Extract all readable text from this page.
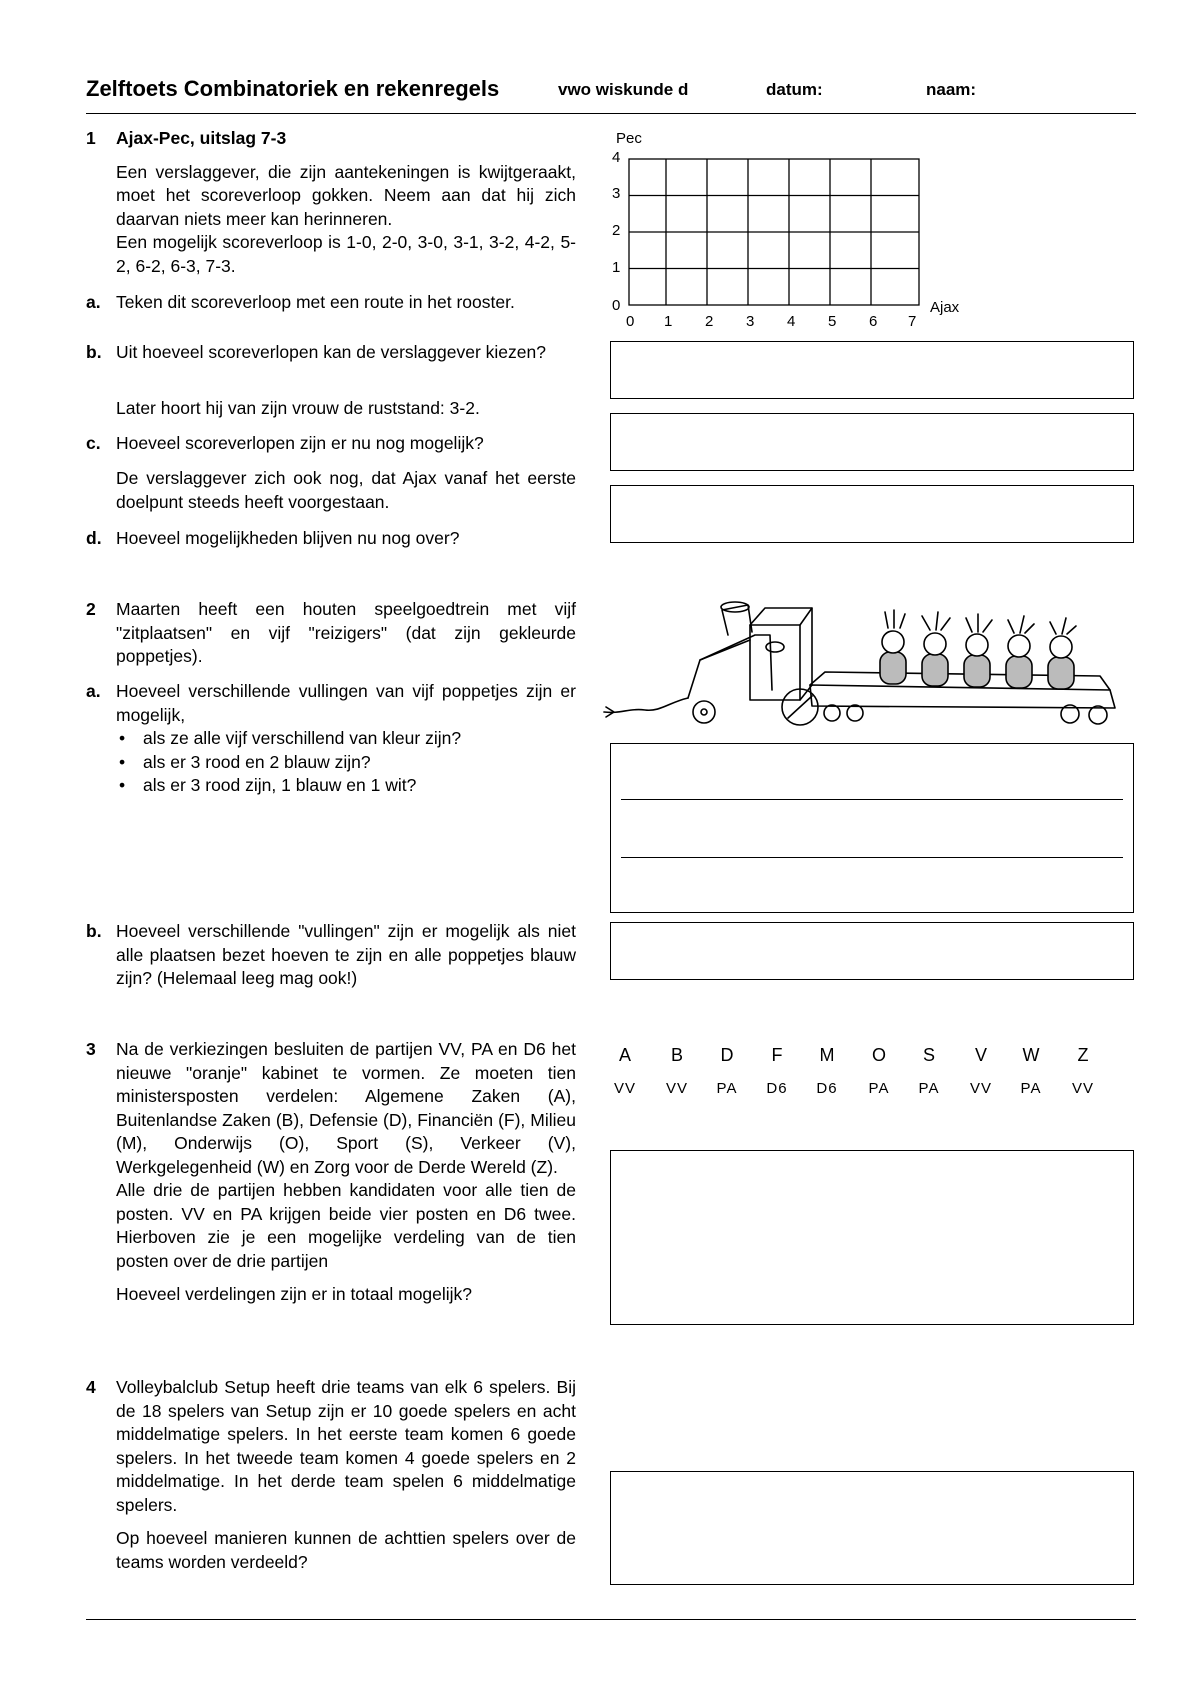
Zelftoets Combinatoriek en rekenregels	vwo wiskunde d	datum:	naam:
1 Ajax-Pec, uitslag 7-3

Een verslaggever, die zijn aantekeningen is kwijtgeraakt, moet het scoreverloop gokken. Neem aan dat hij zich daarvan niets meer kan herinneren.

Een mogelijk scoreverloop is 1-0, 2-0, 3-0, 3-1, 3-2, 4-2, 5-2, 6-2, 6-3, 7-3.

a. Teken dit scoreverloop met een route in het rooster.
b. Uit hoeveel scoreverlopen kan de verslaggever kiezen?
Later hoort hij van zijn vrouw de ruststand: 3-2.
c. Hoeveel scoreverlopen zijn er nu nog mogelijk?
De verslaggever zich ook nog, dat Ajax vanaf het eerste doelpunt steeds heeft voorgestaan.
d. Hoeveel mogelijkheden blijven nu nog over?
Pec
Ajax
4
3
2
1
0
0 1 2 3 4 5 6 7
2 Maarten heeft een houten speelgoedtrein met vijf "zitplaatsen" en vijf "reizigers" (dat zijn gekleurde poppetjes).
a. Hoeveel verschillende vullingen van vijf poppetjes zijn er mogelijk,
• als ze alle vijf verschillend van kleur zijn?
• als er 3 rood en 2 blauw zijn?
• als er 3 rood zijn, 1 blauw en 1 wit?
b. Hoeveel verschillende "vullingen" zijn er mogelijk als niet alle plaatsen bezet hoeven te zijn en alle poppetjes blauw zijn? (Helemaal leeg mag ook!)
3 Na de verkiezingen besluiten de partijen VV, PA en D6 het nieuwe "oranje" kabinet te vormen. Ze moeten tien ministersposten verdelen: Algemene Zaken (A), Buitenlandse Zaken (B), Defensie (D), Financiën (F), Milieu (M), Onderwijs (O), Sport (S), Verkeer (V), Werkgelegenheid (W) en Zorg voor de Derde Wereld (Z).

Alle drie de partijen hebben kandidaten voor alle tien de posten. VV en PA krijgen beide vier posten en D6 twee. Hierboven zie je een mogelijke verdeling van de tien posten over de drie partijen

Hoeveel verdelingen zijn er in totaal mogelijk?

A	B	D	F	M	O	S	V	W	Z
VV	VV	PA	D6	D6	PA	PA	VV	PA	VV
4 Volleybalclub Setup heeft drie teams van elk 6 spelers. Bij de 18 spelers van Setup zijn er 10 goede spelers en acht middelmatige spelers. In het eerste team komen 6 goede spelers. In het tweede team komen 4 goede spelers en 2 middelmatige. In het derde team spelen 6 middelmatige spelers.

Op hoeveel manieren kunnen de achttien spelers over de teams worden verdeeld?
